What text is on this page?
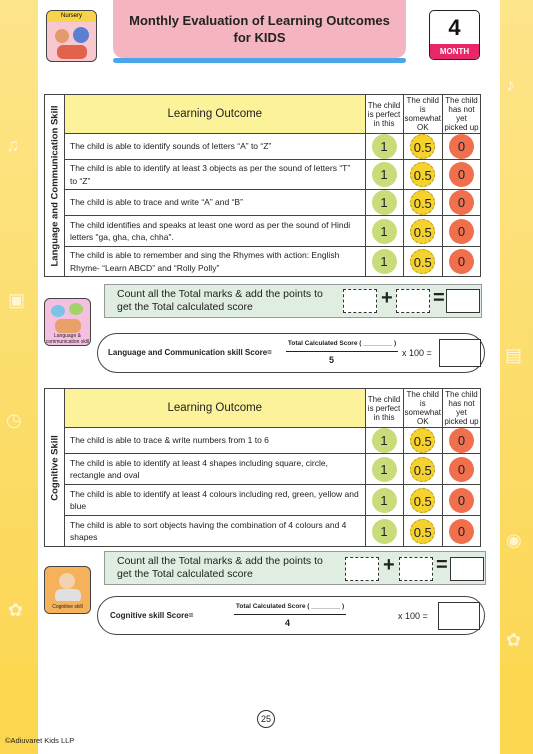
♫
▣
◷
✿
♪
▤
◉
✿
Nursery	Monthly Evaluation of Learning Outcomes
for KIDS	4
MONTH
Language and Communication Skill	Learning Outcome	The child is perfect in this	The child is somewhat OK	The child has not yet picked up
	The child is able to identify sounds of letters “A” to “Z”	1	0.5	0
	The child is able to identify at least 3 objects as per the sound of letters “T” to “Z”	1	0.5	0
	The child is able to trace and write “A” and “B”	1	0.5	0
	The child identifies and speaks at least one word as per the sound of Hindi letters "ga, gha, cha, chha".	1	0.5	0
	The child is able to remember and sing the Rhymes with action: English Rhyme- “Learn ABCD” and “Rolly Polly”	1	0.5	0
Language & communication skill
Count all the Total marks & add the points to get the Total calculated score	+ =
Language and Communication skill Score=
Total Calculated Score ( ________ )
5
x 100 =
Cognitive Skill	Learning Outcome	The child is perfect in this	The child is somewhat OK	The child has not yet picked up
	The child is able to trace & write numbers from 1 to 6	1	0.5	0
	The child is able to identify at least 4 shapes including square, circle, rectangle and oval	1	0.5	0
	The child is able to identify at least 4 colours including red, green, yellow and blue	1	0.5	0
	The child is able to sort objects having the combination of 4 colours and 4 shapes	1	0.5	0
Cognitive skill
Count all the Total marks & add the points to get the Total calculated score	+ =
Cognitive skill Score=
Total Calculated Score ( ________ )
4
x 100 =
25
©Adiuvaret Kids LLP
